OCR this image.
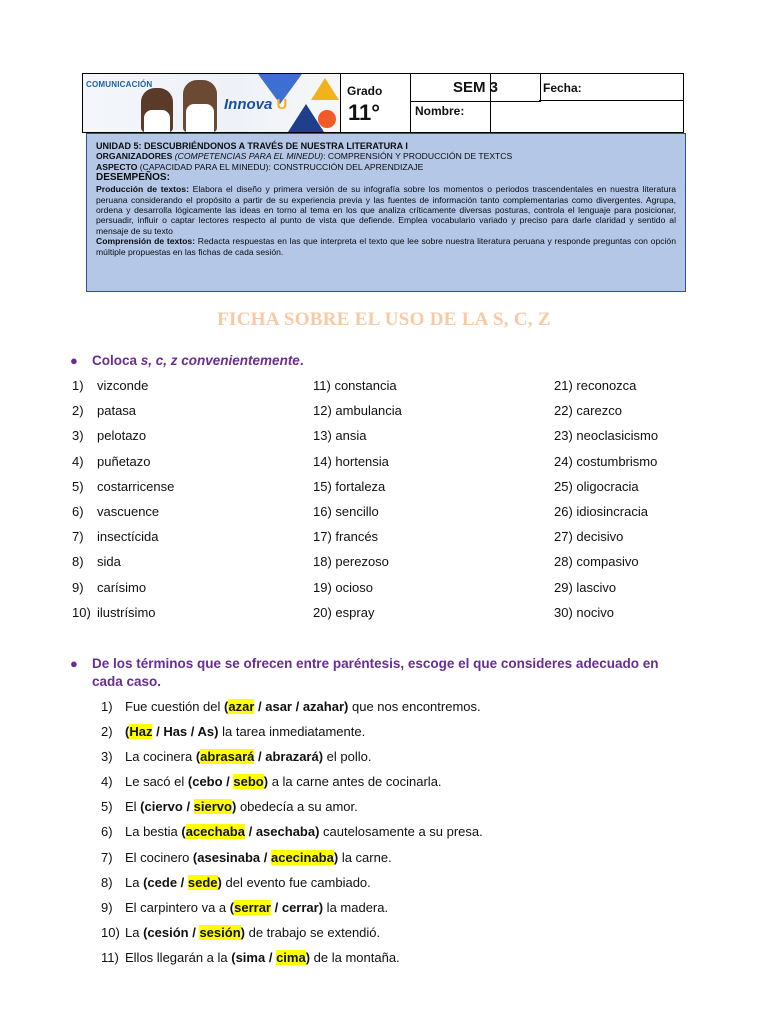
COMUNICACIÓN
Innova U
Grado
11°
SEM 3	Fecha:
Nombre:
UNIDAD 5: DESCUBRIÉNDONOS A TRAVÉS DE NUESTRA LITERATURA I
ORGANIZADORES (COMPETENCIAS PARA EL MINEDU): COMPRENSIÓN Y PRODUCCIÓN DE TEXTCS
ASPECTO (CAPACIDAD PARA EL MINEDU): CONSTRUCCIÓN DEL APRENDIZAJE
DESEMPEÑOS:
Producción de textos: Elabora el diseño y primera versión de su infografía sobre los momentos o periodos trascendentales en nuestra literatura peruana considerando el propósito a partir de su experiencia previa y las fuentes de información tanto complementarias como divergentes. Agrupa, ordena y desarrolla lógicamente las ideas en torno al tema en los que analiza críticamente diversas posturas, controla el lenguaje para posicionar, persuadir, influir o captar lectores respecto al punto de vista que defiende. Emplea vocabulario variado y preciso para darle claridad y sentido al mensaje de su texto
Comprensión de textos: Redacta respuestas en las que interpreta el texto que lee sobre nuestra literatura peruana y responde preguntas con opción múltiple propuestas en las fichas de cada sesión.
FICHA SOBRE EL USO DE LA S, C, Z
● Coloca s, c, z convenientemente.
1) vizconde
2) patasa
3) pelotazo
4) puñetazo
5) costarricense
6) vascuence
7) insectícida
8) sida
9) carísimo
10) ilustrísimo
11) constancia
12) ambulancia
13) ansia
14) hortensia
15) fortaleza
16) sencillo
17) francés
18) perezoso
19) ocioso
20) espray
21) reconozca
22) carezco
23) neoclasicismo
24) costumbrismo
25) oligocracia
26) idiosincracia
27) decisivo
28) compasivo
29) lascivo
30) nocivo
● De los términos que se ofrecen entre paréntesis, escoge el que consideres adecuado en cada caso.
1) Fue cuestión del (azar / asar / azahar) que nos encontremos.
2) (Haz / Has / As) la tarea inmediatamente.
3) La cocinera (abrasará / abrazará) el pollo.
4) Le sacó el (cebo / sebo) a la carne antes de cocinarla.
5) El (ciervo / siervo) obedecía a su amor.
6) La bestia (acechaba / asechaba) cautelosamente a su presa.
7) El cocinero (asesinaba / acecinaba) la carne.
8) La (cede / sede) del evento fue cambiado.
9) El carpintero va a (serrar / cerrar) la madera.
10) La (cesión / sesión) de trabajo se extendió.
11) Ellos llegarán a la (sima / cima) de la montaña.
